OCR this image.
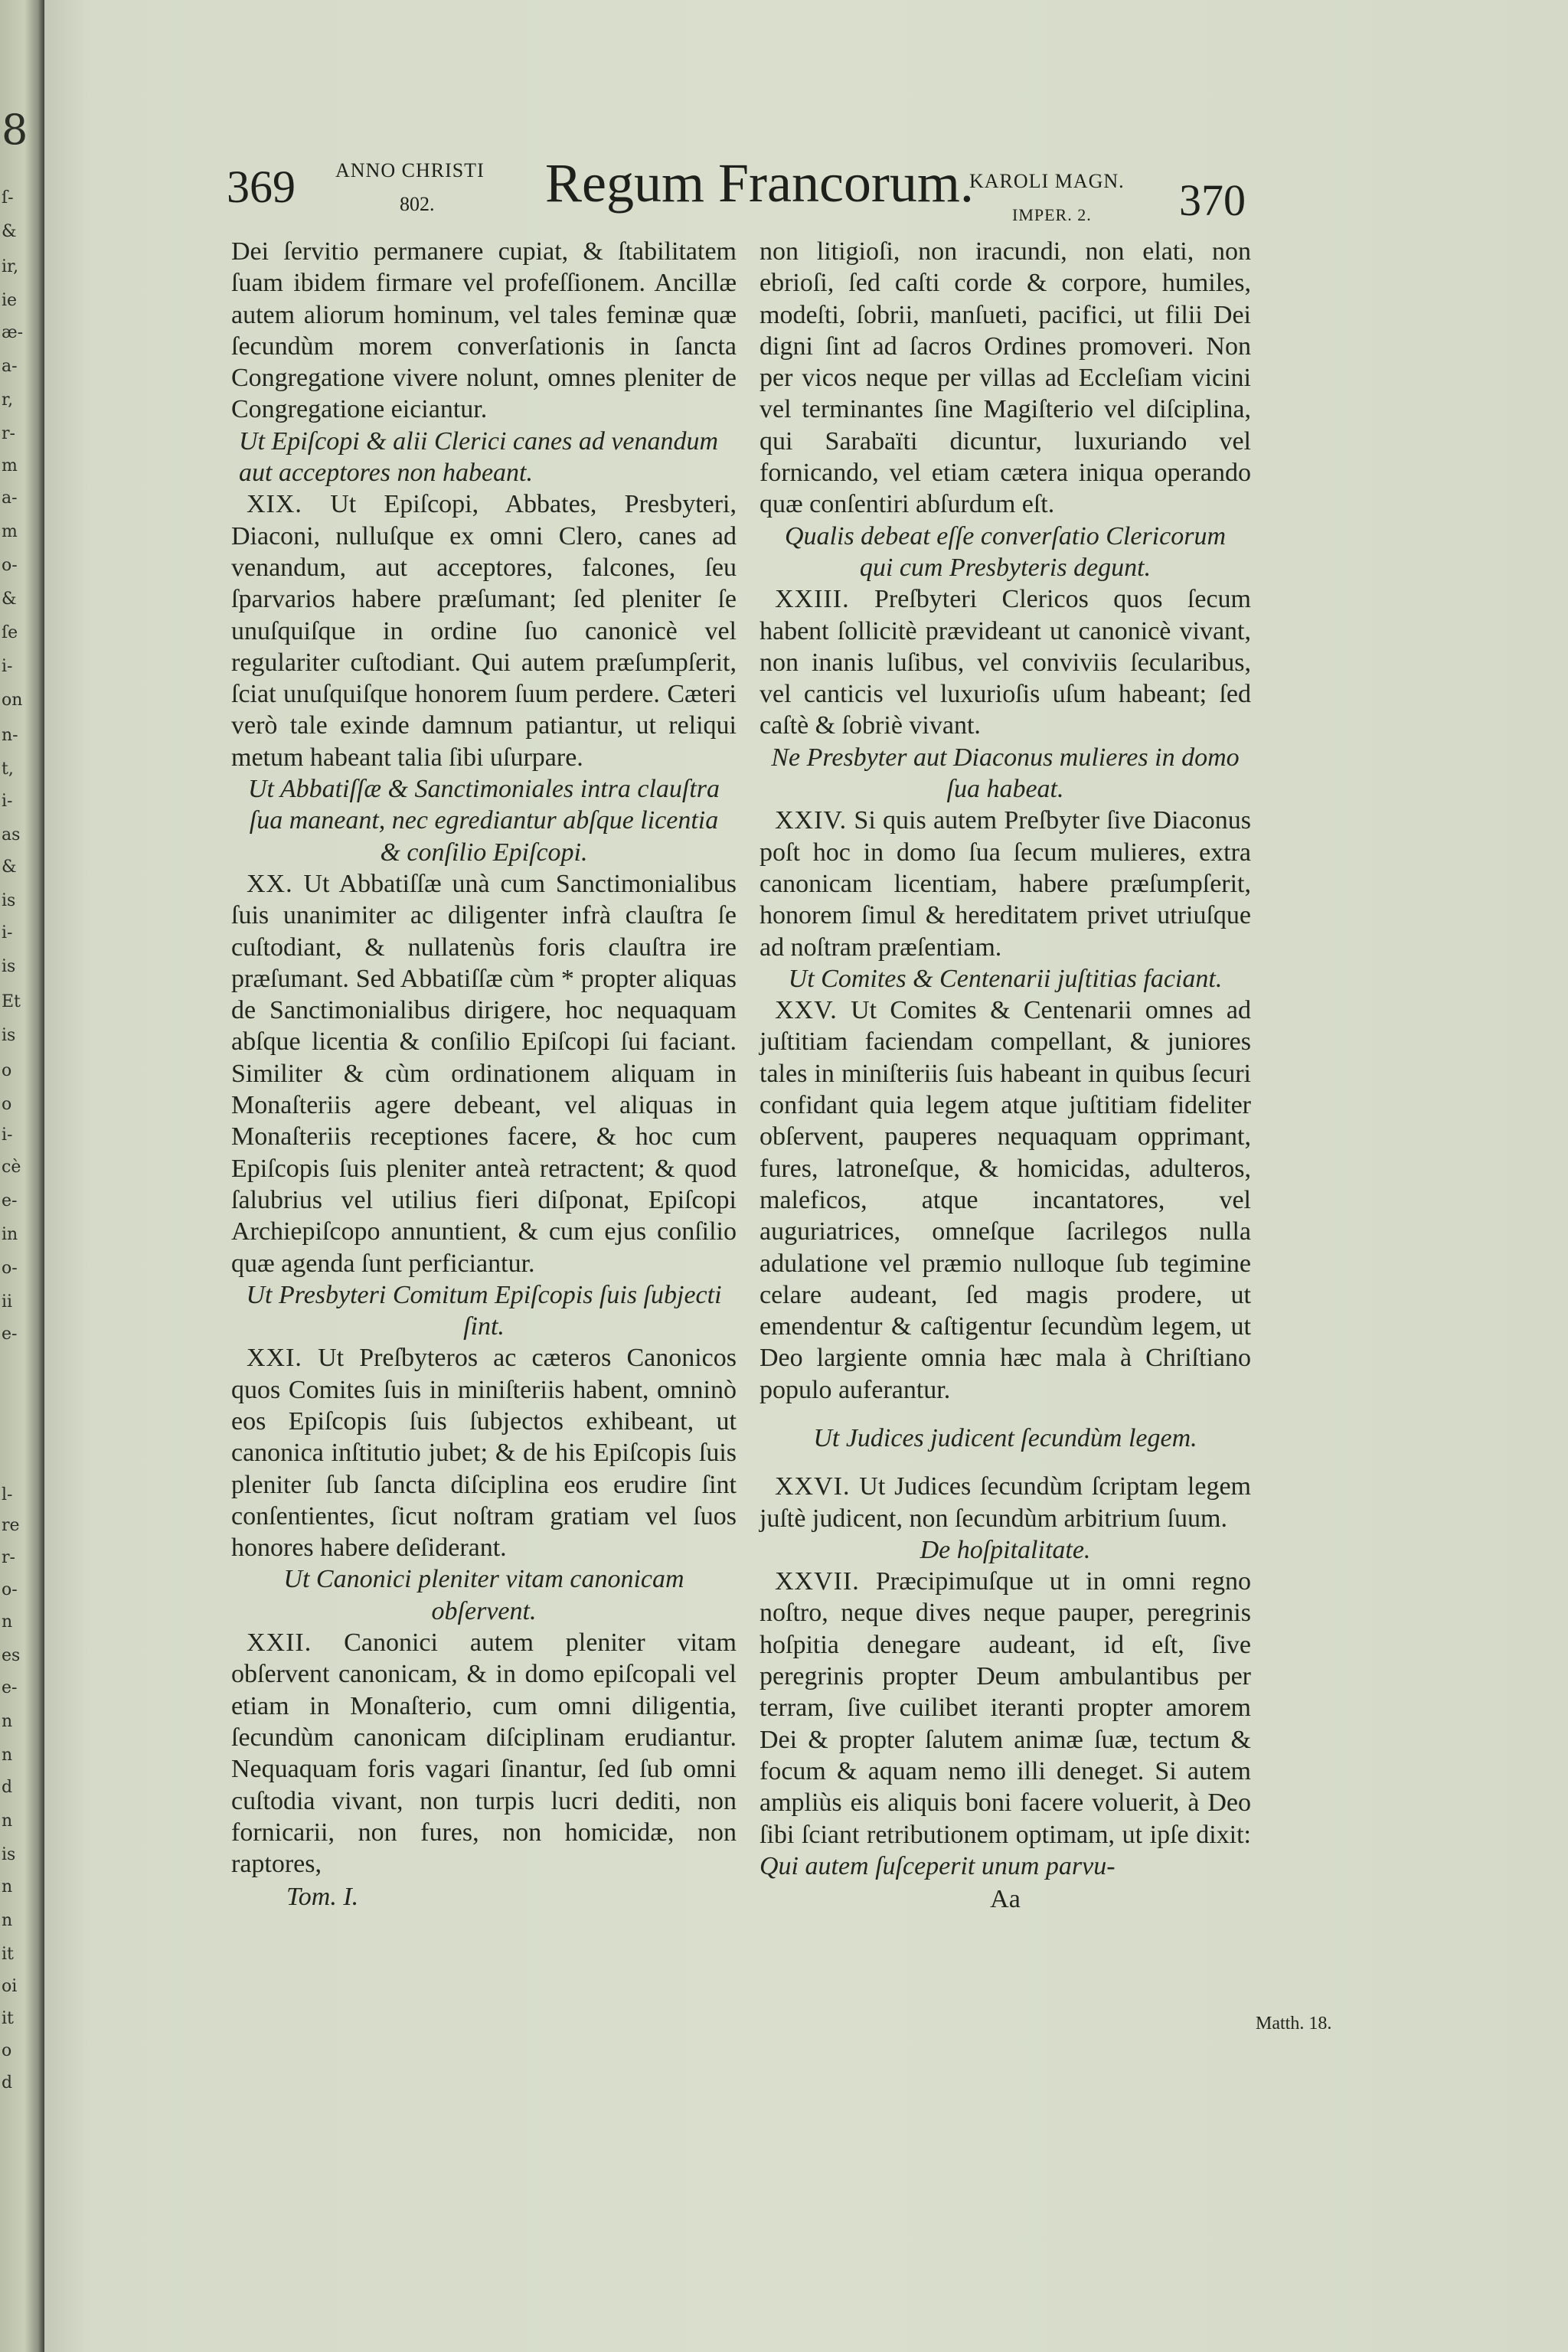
8
ſ-
&
ir,
ie
æ-
a-
r,
r-
m
a-
m
o-
&
ſe
i-
on
n-
t,
i-
as
&
is
i-
is
Et
is
o
o
i-
cè
e-
in
o-
ii
e-
l-
re
r-
o-
n
es
e-
n
n
d
n
is
n
n
it
oi
it
o
d
369 ANNO CHRISTI
802. Regum Francorum.
KAROLI MAGN.
IMPER. 2. 370

Dei ſervitio permanere cupiat, & ſtabilitatem ſuam ibidem firmare vel profeſſionem. Ancillæ autem aliorum hominum, vel tales feminæ quæ ſecundùm morem converſationis in ſancta Congregatione vivere nolunt, omnes pleniter de Congregatione eiciantur.

Ut Epiſcopi & alii Clerici canes ad venandum aut acceptores non habeant.

XIX. Ut Epiſcopi, Abbates, Presbyteri, Diaconi, nulluſque ex omni Clero, canes ad venandum, aut acceptores, falcones, ſeu ſparvarios habere præſumant; ſed pleniter ſe unuſquiſque in ordine ſuo canonicè vel regulariter cuſtodiant. Qui autem præſumpſerit, ſciat unuſquiſque honorem ſuum perdere. Cæteri verò tale exinde damnum patiantur, ut reliqui metum habeant talia ſibi uſurpare.

Ut Abbatiſſæ & Sanctimoniales intra clauſtra ſua maneant, nec egrediantur abſque licentia & conſilio Epiſcopi.

XX. Ut Abbatiſſæ unà cum Sanctimonialibus ſuis unanimiter ac diligenter infrà clauſtra ſe cuſtodiant, & nullatenùs foris clauſtra ire præſumant. Sed Abbatiſſæ cùm * propter aliquas de Sanctimonialibus dirigere, hoc nequaquam abſque licentia & conſilio Epiſcopi ſui faciant. Similiter & cùm ordinationem aliquam in Monaſteriis agere debeant, vel aliquas in Monaſteriis receptiones facere, & hoc cum Epiſcopis ſuis pleniter anteà retractent; & quod ſalubrius vel utilius fieri diſponat, Epiſcopi Archiepiſcopo annuntient, & cum ejus conſilio quæ agenda ſunt perficiantur.

Ut Presbyteri Comitum Epiſcopis ſuis ſubjecti ſint.

XXI. Ut Preſbyteros ac cæteros Canonicos quos Comites ſuis in miniſteriis habent, omninò eos Epiſcopis ſuis ſubjectos exhibeant, ut canonica inſtitutio jubet; & de his Epiſcopis ſuis pleniter ſub ſancta diſciplina eos erudire ſint conſentientes, ſicut noſtram gratiam vel ſuos honores habere deſiderant.

Ut Canonici pleniter vitam canonicam obſervent.

XXII. Canonici autem pleniter vitam obſervent canonicam, & in domo epiſcopali vel etiam in Monaſterio, cum omni diligentia, ſecundùm canonicam diſciplinam erudiantur. Nequaquam foris vagari ſinantur, ſed ſub omni cuſtodia vivant, non turpis lucri dediti, non fornicarii, non fures, non homicidæ, non raptores,

Tom. I.

non litigioſi, non iracundi, non elati, non ebrioſi, ſed caſti corde & corpore, humiles, modeſti, ſobrii, manſueti, pacifici, ut filii Dei digni ſint ad ſacros Ordines promoveri. Non per vicos neque per villas ad Eccleſiam vicini vel terminantes ſine Magiſterio vel diſciplina, qui Sarabaïti dicuntur, luxuriando vel fornicando, vel etiam cætera iniqua operando quæ conſentiri abſurdum eſt.

Qualis debeat eſſe converſatio Clericorum qui cum Presbyteris degunt.

XXIII. Preſbyteri Clericos quos ſecum habent ſollicitè prævideant ut canonicè vivant, non inanis luſibus, vel conviviis ſecularibus, vel canticis vel luxurioſis uſum habeant; ſed caſtè & ſobriè vivant.

Ne Presbyter aut Diaconus mulieres in domo ſua habeat.

XXIV. Si quis autem Preſbyter ſive Diaconus poſt hoc in domo ſua ſecum mulieres, extra canonicam licentiam, habere præſumpſerit, honorem ſimul & hereditatem privet utriuſque ad noſtram præſentiam.

Ut Comites & Centenarii juſtitias faciant.

XXV. Ut Comites & Centenarii omnes ad juſtitiam faciendam compellant, & juniores tales in miniſteriis ſuis habeant in quibus ſecuri confidant quia legem atque juſtitiam fideliter obſervent, pauperes nequaquam opprimant, fures, latroneſque, & homicidas, adulteros, maleficos, atque incantatores, vel auguriatrices, omneſque ſacrilegos nulla adulatione vel præmio nulloque ſub tegimine celare audeant, ſed magis prodere, ut emendentur & caſtigentur ſecundùm legem, ut Deo largiente omnia hæc mala à Chriſtiano populo auferantur.

Ut Judices judicent ſecundùm legem.

XXVI. Ut Judices ſecundùm ſcriptam legem juſtè judicent, non ſecundùm arbitrium ſuum.

De hoſpitalitate.

XXVII. Præcipimuſque ut in omni regno noſtro, neque dives neque pauper, peregrinis hoſpitia denegare audeant, id eſt, ſive peregrinis propter Deum ambulantibus per terram, ſive cuilibet iteranti propter amorem Dei & propter ſalutem animæ ſuæ, tectum & focum & aquam nemo illi deneget. Si autem ampliùs eis aliquis boni facere voluerit, à Deo ſibi ſciant retributionem optimam, ut ipſe dixit: Qui autem ſuſceperit unum parvu-

Aa

Matth. 18.
